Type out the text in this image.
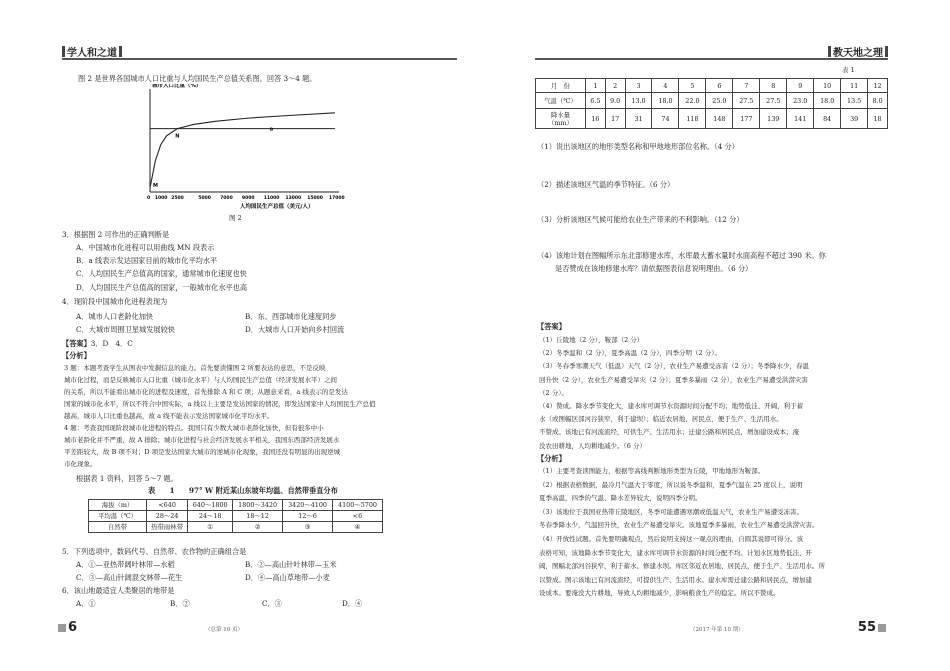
学人和之道
图 2 是世界各国城市人口比重与人均国民生产总值关系图。回答 3～4 题。
城市人口比重（%）
0 1000 2500	5000 7000 9000 11000 13000 15000 17000
人均国民生产总值（美元/人）
M
N
a
图 2
3．根据图 2 可作出的正确判断是
A．中国城市化进程可以用曲线 MN 段表示
B．a 线表示发达国家目前的城市化平均水平
C．人均国民生产总值高的国家，通常城市化速度也快
D．人均国民生产总值高的国家，一般城市化水平也高
4．现阶段中国城市化进程表现为
A．城市人口老龄化加快	B．东、西部城市化速度同步
C．大城市周围卫星城发展较快	D．大城市人口开始向乡村回流
【答案】3．D　4．C
【分析】
3 题：本题考查学生从图表中发掘信息的能力。首先要读懂图 2 所要表达的意思，不是反映
城市化过程，而是反映城市人口比重（城市化水平）与人均国民生产总值（经济发展水平）之间
的关系，所以不能看出城市化的进程及速度，首先排除 A 和 C 项；从题意来看，a 线表示的是发达
国家的城市化水平，所以不符合中国实际，a 线以上主要是发达国家的情况，即发达国家中人均国民生产总值
越高，城市人口比重也越高，故 a 线不能表示发达国家城市化平均水平。
4 题：考查我国现阶段城市化进程的特点。我国只有少数大城市老龄化加快，但有很多中小
城市老龄化并不严重，故 A 排除；城市化进程与社会经济发展水平相关，我国东西部经济发展水
平差距较大，故 B 项不对；D 项是发达国家大城市的逆城市化现象，我国还没有明显的出现逆城
市化现象。
根据表 1 资料，回答 5～7 题。
表　　1　　97° W 附近某山东坡年均温、自然带垂直分布
海拔（m）	<640	640～1800	1800～3420	3420～4100	4100～5700
平均温（℃）	28～24	24～18	18～12	12～6	<6
自然带	热带雨林带	①	②	③	④
5．下列选项中，数码代号、自然带、农作物的正确组合是
A．①—亚热带阔叶林带—水稻	B．②—高山针叶林带—玉米
C．③—高山针阔混交林带—花生	D．④—高山草地带—小麦
6．该山地最适宜人类聚居的地带是
A．①	B．②	C．③	D．④
6	（总第 10 页）
教天地之理
表 1
月　份	1	2	3	4	5	6	7	8	9	10	11	12
气温（℃）	6.5	9.0	13.0	18.0	22.0	25.0	27.5	27.5	23.0	18.0	13.5	8.0
降水量
（mm）	16	17	31	74	118	148	177	139	141	84	39	18
（1）说出该地区的地形类型名称和甲地地形部位名称。（4 分）
（2）描述该地区气温的季节特征。（6 分）
（3）分析该地区气候可能给农业生产带来的不利影响。（12 分）
（4）该地计划在图幅所示东北部修建水库，水库最大蓄水量时水面高程不超过 390 米。你
是否赞成在该地修建水库？请依据图表信息说明理由。（6 分）
【答案】
（1）丘陵地（2 分），鞍部（2 分）
（2）冬季温和（2 分），夏季高温（2 分），四季分明（2 分）。
（3）冬春季寒潮天气（低温）天气（2 分），农业生产易遭受冻害（2 分）；冬季降水少，春温
回升快（2 分），农业生产易遭受旱灾（2 分）；夏季多暴雨（2 分），农业生产易遭受洪涝灾害
（2 分）。
（4）赞成。降水季节变化大，建水库可调节水资源时间分配不均；地势低洼、开阔，利于蓄
水（或图幅区部河谷狭窄，利于建坝）；临近农居地、居民点，便于生产、生活用水。
不赞成。该地已有河流流经，可供生产、生活用水；迁建公路和居民点，增加建设成本；淹
没农田耕地，人均耕地减少。（6 分）
【分析】
（1）主要考查读图能力，根据等高线判断地形类型为丘陵，甲地地形为鞍部。
（2）根据表格数据，最冷月气温大于零度，所以说冬季温和，夏季气温在 25 度以上，说明
夏季高温，四季的气温、降水差异较大，说明四季分明。
（3）该地位于我国亚热带丘陵地区，冬季可能遭遇寒潮或低温天气，农业生产易遭受冻害。
冬春季降水少，气温回升快，农业生产易遭受旱灾。该地夏季多暴雨，农业生产易遭受洪涝灾害。
（4）开放性试题。首先要明确观点，然后说明支持这一观点的理由，自圆其说即可得分。该
表格可知，该地降水季节变化大，建水库可调节水资源的时间分配不均。计划水区地势低洼、开
阔，图幅北部河谷狭窄，利于蓄水、修建水坝。库区邻近农居地、居民点，便于生产、生活用水。所
以赞成。图示该地已有河流流经，可提供生产、生活用水。建水库需迁建公路和居民点，增加建
设成本。要淹没大片耕地，导致人均耕地减少，影响粮食生产的稳定。所以不赞成。
55
（2017 年第 10 期）
